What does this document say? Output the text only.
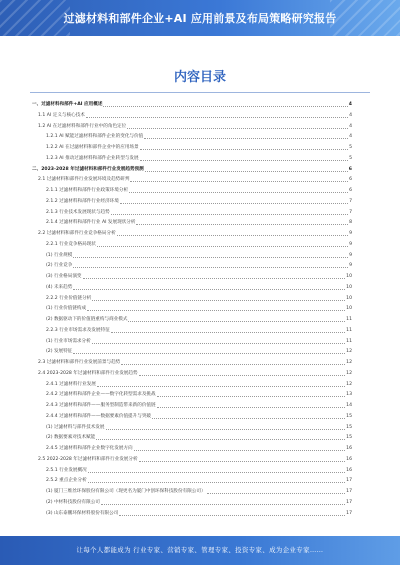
过滤材料和部件企业+AI 应用前景及布局策略研究报告
内容目录
一、过滤材料和部件+AI 应用概述	4
1.1 AI 定义与核心技术	4
1.2 AI 在过滤材料和部件行业中的角色定位	4
1.2.1 AI 赋能过滤材料和部件企业的变化与价值	4
1.2.2 AI 在过滤材料和部件企业中的应用场景	5
1.2.3 AI 推动过滤材料和部件企业转型与发展	5
二、2023-2028 年过滤材料和部件行业发展趋势预测	6
2.1 过滤材料和部件行业发展环境及趋势研判	6
2.1.1 过滤材料和部件行业政策环境分析	6
2.1.2 过滤材料和部件行业经济环境	7
2.1.3 行业技术发展现状与趋势	7
2.1.4 过滤材料和部件行业 AI 发展现状分析	8
2.2 过滤材料和部件行业竞争格局分析	9
2.2.1 行业竞争格局现状	9
(1) 行业规模	9
(2) 行业竞争	9
(3) 行业格局演变	10
(4) 未来趋势	10
2.2.2 行业价值链分析	10
(1) 行业价值链构成	10
(2) 数据驱动下的价值链重构与商业模式	11
2.2.3 行业市场需求及发展特征	11
(1) 行业市场需求分析	11
(2) 发展特征	12
2.3 过滤材料和部件行业发展前景与趋势	12
2.4 2023-2028 年过滤材料和部件行业发展趋势	12
2.4.1 过滤材料行业发展	12
2.4.2 过滤材料和部件企业——数字化转型需求及挑战	13
2.4.3 过滤材料和部件——服务型制造带来新的价值链	14
2.4.4 过滤材料和部件——数据要素价值提升与突破	15
(1) 过滤材料与部件技术发展	15
(2) 数据要素对技术赋能	15
2.4.5 过滤材料和部件企业数字化发展方向	16
2.5 2022-2028 年过滤材料和部件行业发展分析	16
2.5.1 行业发展概况	16
2.5.2 重点企业分析	17
(1) 厦门三维丝环保股份有限公司（现更名为厦门中创环保科技股份有限公司）	17
(2) 中材科技股份有限公司	17
(3) 山东泰鹏环保材料股份有限公司	17
让每个人都能成为 行业专家、营销专家、管理专家、投资专家、成为企业专家……
